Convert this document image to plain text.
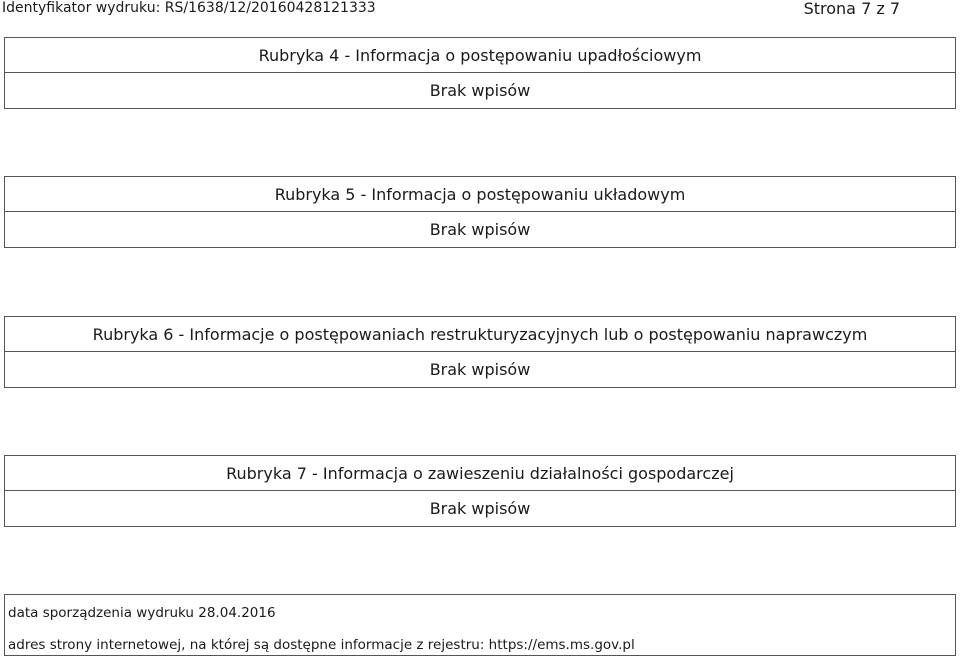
Identyfikator wydruku: RS/1638/12/20160428121333	Strona 7 z 7
Rubryka 4 - Informacja o postępowaniu upadłościowym
Brak wpisów
Rubryka 5 - Informacja o postępowaniu układowym
Brak wpisów
Rubryka 6 - Informacje o postępowaniach restrukturyzacyjnych lub o postępowaniu naprawczym
Brak wpisów
Rubryka 7 - Informacja o zawieszeniu działalności gospodarczej
Brak wpisów
data sporządzenia wydruku 28.04.2016
adres strony internetowej, na której są dostępne informacje z rejestru: https://ems.ms.gov.pl
